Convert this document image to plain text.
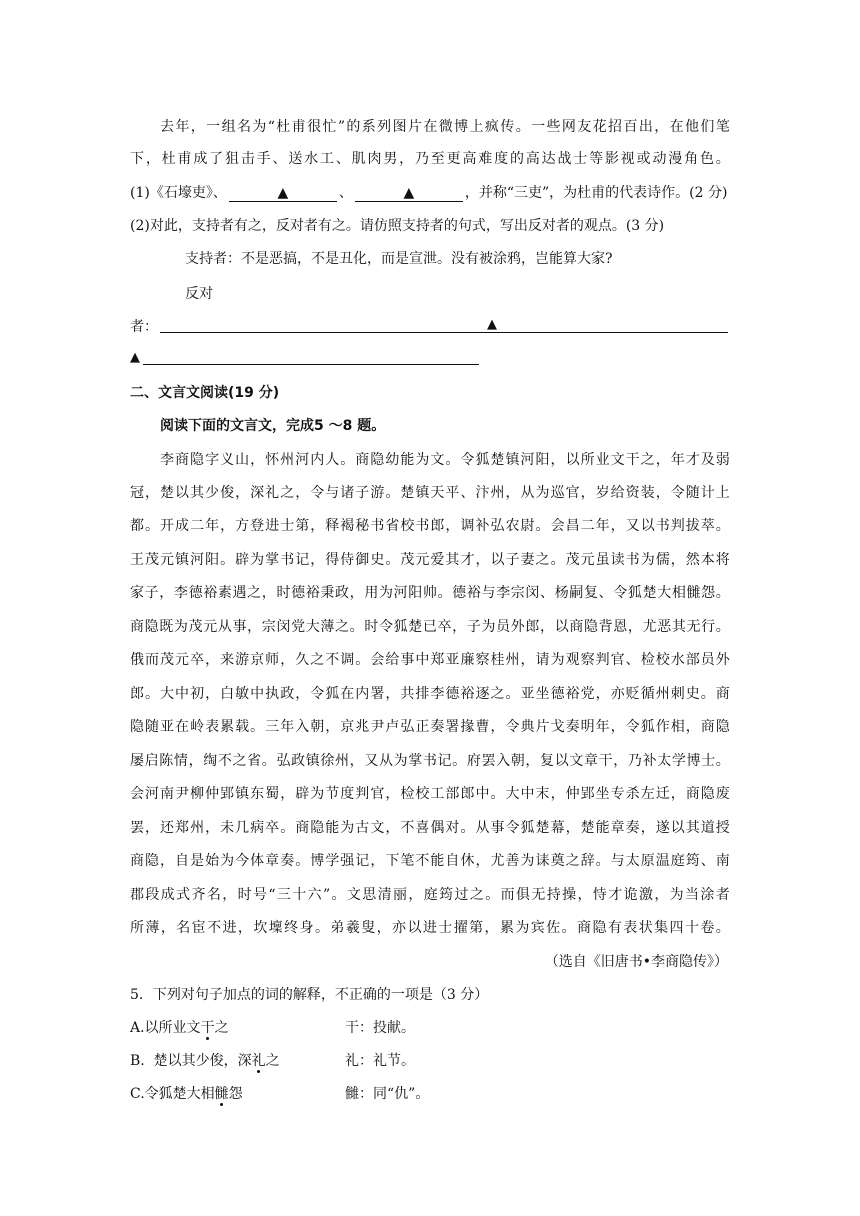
去年，一组名为“杜甫很忙”的系列图片在微博上疯传。一些网友花招百出，在他们笔
下，杜甫成了狙击手、送水工、肌肉男，乃至更高难度的高达战士等影视或动漫角色。
(1)《石壕吏》、	▲	、	▲	，并称“三吏”，为杜甫的代表诗作。(2 分)
(2)对此，支持者有之，反对者有之。请仿照支持者的句式，写出反对者的观点。(3 分)
支持者：不是恶搞，不是丑化，而是宣泄。没有被涂鸦，岂能算大家?
反对
者：	▲
▲
二、文言文阅读(19 分)
阅读下面的文言文，完成5 ～8 题。
李商隐字义山，怀州河内人。商隐幼能为文。令狐楚镇河阳，以所业文干之，年才及弱
冠，楚以其少俊，深礼之，令与诸子游。楚镇天平、汴州，从为巡官，岁给资装，令随计上
都。开成二年，方登进士第，释褐秘书省校书郎，调补弘农尉。会昌二年，又以书判拔萃。
王茂元镇河阳。辟为掌书记，得侍御史。茂元爱其才，以子妻之。茂元虽读书为儒，然本将
家子，李德裕素遇之，时德裕秉政，用为河阳帅。德裕与李宗闵、杨嗣复、令狐楚大相雠怨。
商隐既为茂元从事，宗闵党大薄之。时令狐楚已卒，子为员外郎，以商隐背恩，尤恶其无行。
俄而茂元卒，来游京师，久之不调。会给事中郑亚廉察桂州，请为观察判官、检校水部员外
郎。大中初，白敏中执政，令狐在内署，共排李德裕逐之。亚坐德裕党，亦贬循州刺史。商
隐随亚在岭表累载。三年入朝，京兆尹卢弘正奏署掾曹，令典片戈奏明年，令狐作相，商隐
屡启陈情，绹不之省。弘政镇徐州，又从为掌书记。府罢入朝，复以文章干，乃补太学博士。
会河南尹柳仲郢镇东蜀，辟为节度判官，检校工部郎中。大中末，仲郢坐专杀左迁，商隐废
罢，还郑州，未几病卒。商隐能为古文，不喜偶对。从事令狐楚幕，楚能章奏，遂以其道授
商隐，自是始为今体章奏。博学强记，下笔不能自休，尤善为诔奠之辞。与太原温庭筠、南
郡段成式齐名，时号“三十六”。文思清丽，庭筠过之。而俱无持操，恃才诡激，为当涂者
所薄，名宦不进，坎壈终身。弟羲叟，亦以进士擢第，累为宾佐。商隐有表状集四十卷。
（选自《旧唐书•李商隐传》）
5．下列对句子加点的词的解释，不正确的一项是（3 分）
A.以所业文干之	干：投献。
B.  楚以其少俊，深礼之	礼：礼节。
C.令狐楚大相雠怨	雠：同“仇”。
